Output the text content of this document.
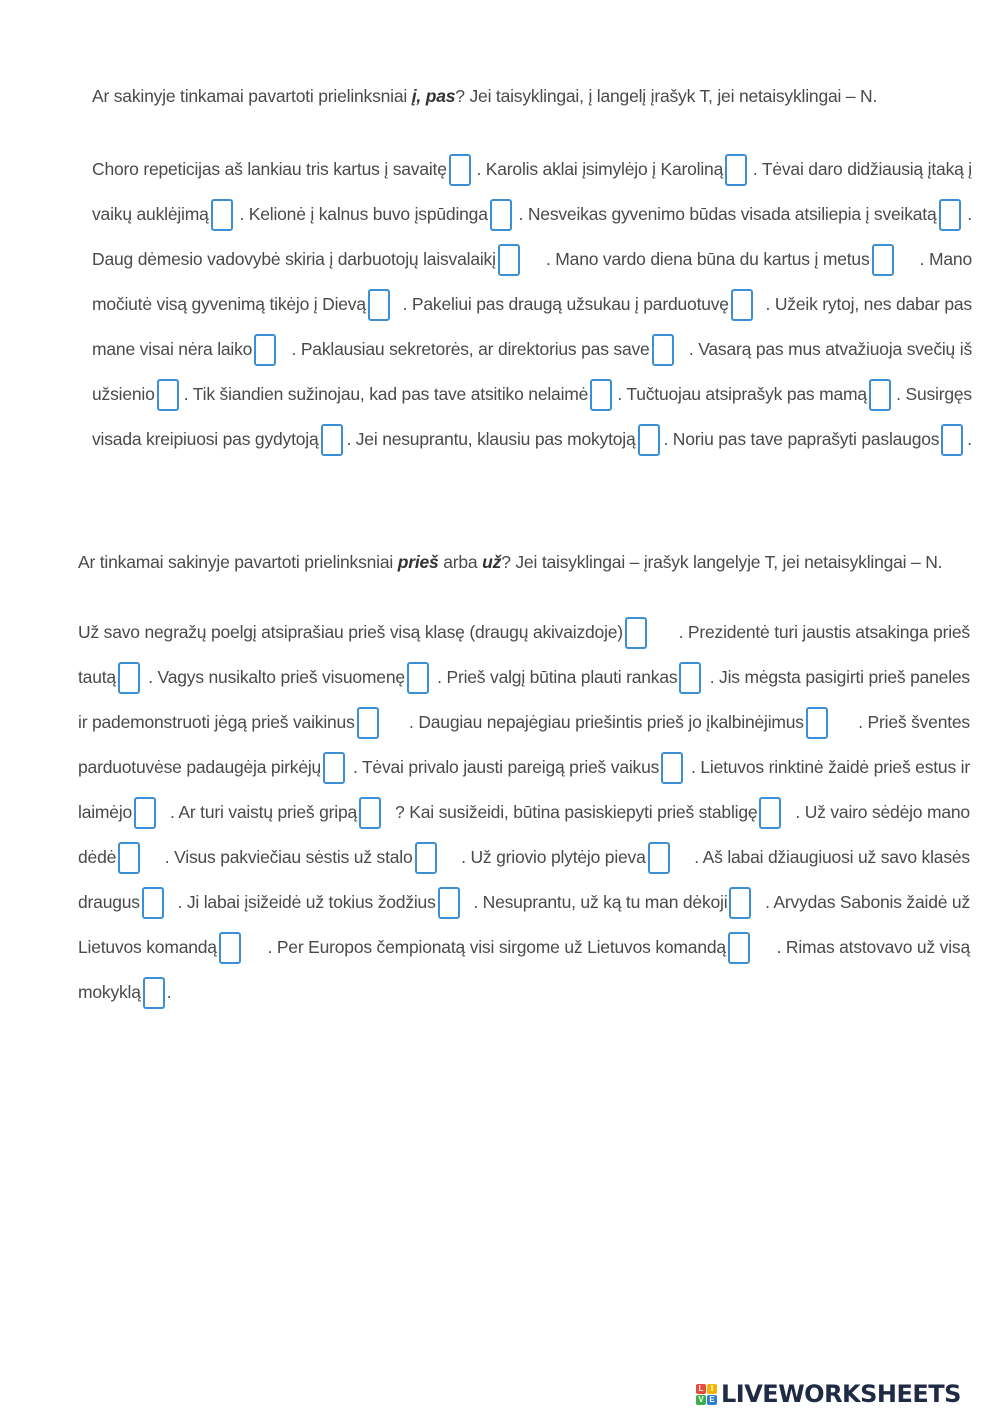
Ar sakinyje tinkamai pavartoti prielinksniai į, pas? Jei taisyklingai, į langelį įrašyk T, jei netaisyklingai – N.

Choro repeticijas aš lankiau tris kartus į savaitę . Karolis aklai įsimylėjo į Karoliną . Tėvai daro didžiausią įtaką į
vaikų auklėjimą . Kelionė į kalnus buvo įspūdinga . Nesveikas gyvenimo būdas visada atsiliepia į sveikatą .
Daug dėmesio vadovybė skiria į darbuotojų laisvalaikį	. Mano vardo diena būna du kartus į metus	. Mano
močiutė visą gyvenimą tikėjo į Dievą . Pakeliui pas draugą užsukau į parduotuvę . Užeik rytoj, nes dabar pas
mane visai nėra laiko . Paklausiau sekretorės, ar direktorius pas save . Vasarą pas mus atvažiuoja svečių iš
užsienio . Tik šiandien sužinojau, kad pas tave atsitiko nelaimė . Tučtuojau atsiprašyk pas mamą . Susirgęs
visada kreipiuosi pas gydytoją . Jei nesuprantu, klausiu pas mokytoją . Noriu pas tave paprašyti paslaugos .

Ar tinkamai sakinyje pavartoti prielinksniai prieš arba už? Jei taisyklingai – įrašyk langelyje T, jei netaisyklingai – N.

Už savo negražų poelgį atsiprašiau prieš visą klasę (draugų akivaizdoje)	. Prezidentė turi jaustis atsakinga prieš
tautą . Vagys nusikalto prieš visuomenę . Prieš valgį būtina plauti rankas . Jis mėgsta pasigirti prieš paneles
ir pademonstruoti jėgą prieš vaikinus	. Daugiau nepajėgiau priešintis prieš jo įkalbinėjimus	. Prieš šventes
parduotuvėse padaugėja pirkėjų . Tėvai privalo jausti pareigą prieš vaikus . Lietuvos rinktinė žaidė prieš estus ir
laimėjo . Ar turi vaistų prieš gripą ? Kai susižeidi, būtina pasiskiepyti prieš stabligę . Už vairo sėdėjo mano
dėdė	. Visus pakviečiau sėstis už stalo	. Už griovio plytėjo pieva	. Aš labai džiaugiuosi už savo klasės
draugus . Ji labai įsižeidė už tokius žodžius . Nesuprantu, už ką tu man dėkoji . Arvydas Sabonis žaidė už
Lietuvos komandą	. Per Europos čempionatą visi sirgome už Lietuvos komandą	. Rimas atstovavo už visą
mokyklą .
L I
V E LIVEWORKSHEETS
